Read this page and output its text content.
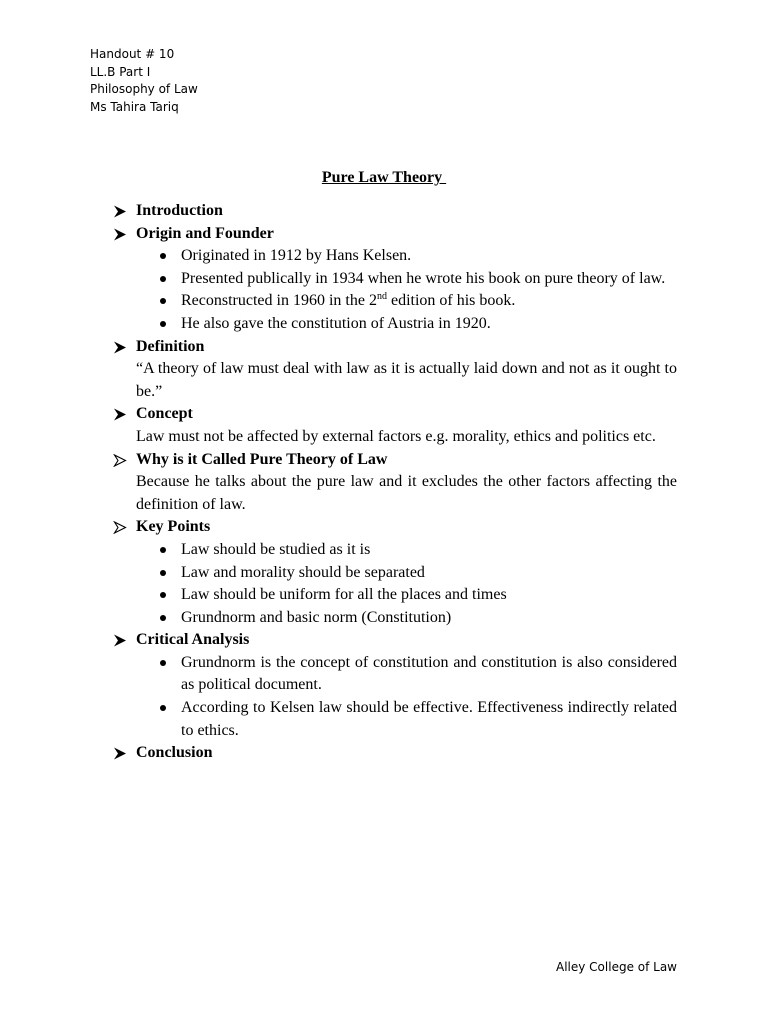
Handout # 10
LL.B Part I
Philosophy of Law
Ms Tahira Tariq
Pure Law Theory
Introduction
Origin and Founder
Originated in 1912 by Hans Kelsen.
Presented publically in 1934 when he wrote his book on pure theory of law.
Reconstructed in 1960 in the 2nd edition of his book.
He also gave the constitution of Austria in 1920.
Definition
“A theory of law must deal with law as it is actually laid down and not as it ought to be.”
Concept
Law must not be affected by external factors e.g. morality, ethics and politics etc.
Why is it Called Pure Theory of Law
Because he talks about the pure law and it excludes the other factors affecting the definition of law.
Key Points
Law should be studied as it is
Law and morality should be separated
Law should be uniform for all the places and times
Grundnorm and basic norm (Constitution)
Critical Analysis
Grundnorm is the concept of constitution and constitution is also considered as political document.
According to Kelsen law should be effective. Effectiveness indirectly related to ethics.
Conclusion
Alley College of Law
